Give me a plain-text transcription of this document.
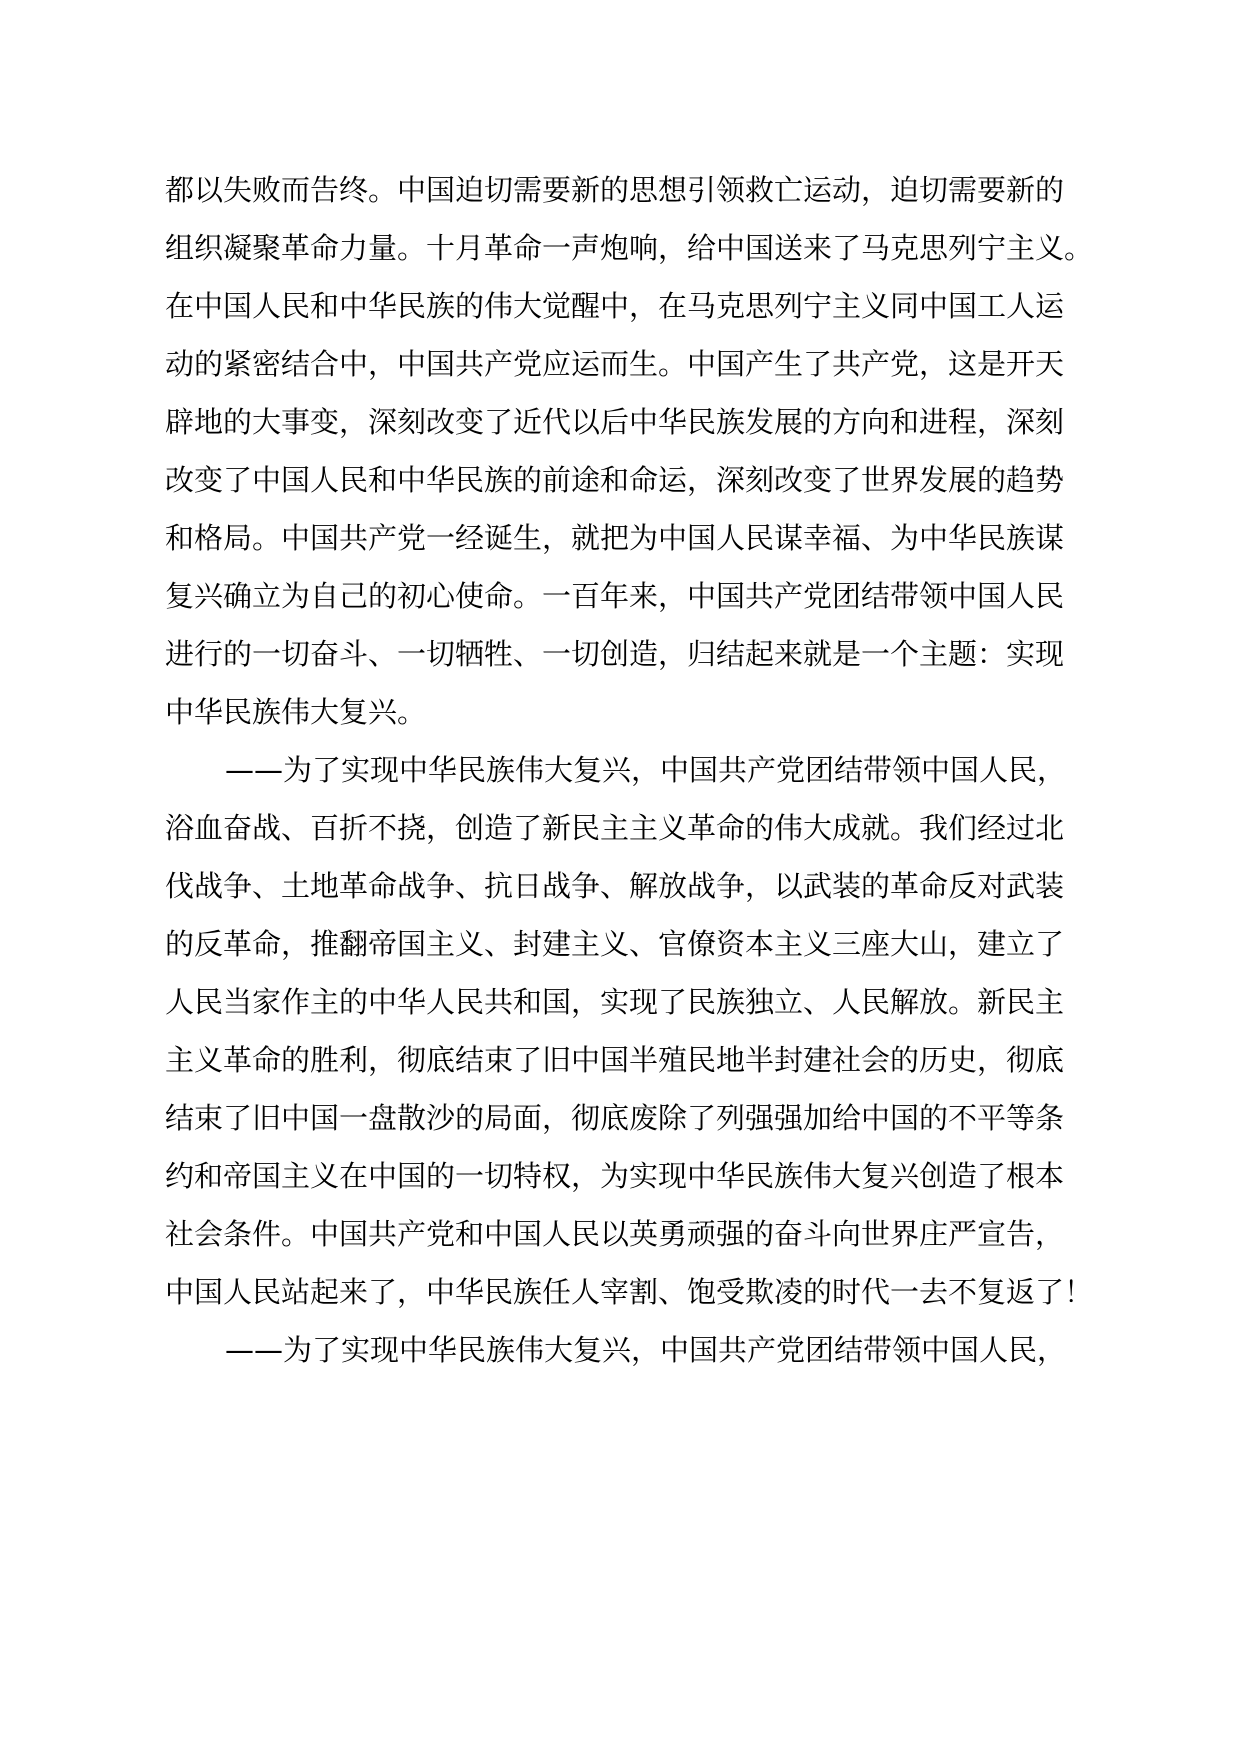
都以失败而告终。中国迫切需要新的思想引领救亡运动，迫切需要新的
组织凝聚革命力量。十月革命一声炮响，给中国送来了马克思列宁主义。
在中国人民和中华民族的伟大觉醒中，在马克思列宁主义同中国工人运
动的紧密结合中，中国共产党应运而生。中国产生了共产党，这是开天
辟地的大事变，深刻改变了近代以后中华民族发展的方向和进程，深刻
改变了中国人民和中华民族的前途和命运，深刻改变了世界发展的趋势
和格局。中国共产党一经诞生，就把为中国人民谋幸福、为中华民族谋
复兴确立为自己的初心使命。一百年来，中国共产党团结带领中国人民
进行的一切奋斗、一切牺牲、一切创造，归结起来就是一个主题：实现
中华民族伟大复兴。
——为了实现中华民族伟大复兴，中国共产党团结带领中国人民，
浴血奋战、百折不挠，创造了新民主主义革命的伟大成就。我们经过北
伐战争、土地革命战争、抗日战争、解放战争，以武装的革命反对武装
的反革命，推翻帝国主义、封建主义、官僚资本主义三座大山，建立了
人民当家作主的中华人民共和国，实现了民族独立、人民解放。新民主
主义革命的胜利，彻底结束了旧中国半殖民地半封建社会的历史，彻底
结束了旧中国一盘散沙的局面，彻底废除了列强强加给中国的不平等条
约和帝国主义在中国的一切特权，为实现中华民族伟大复兴创造了根本
社会条件。中国共产党和中国人民以英勇顽强的奋斗向世界庄严宣告，
中国人民站起来了，中华民族任人宰割、饱受欺凌的时代一去不复返了！
——为了实现中华民族伟大复兴，中国共产党团结带领中国人民，
